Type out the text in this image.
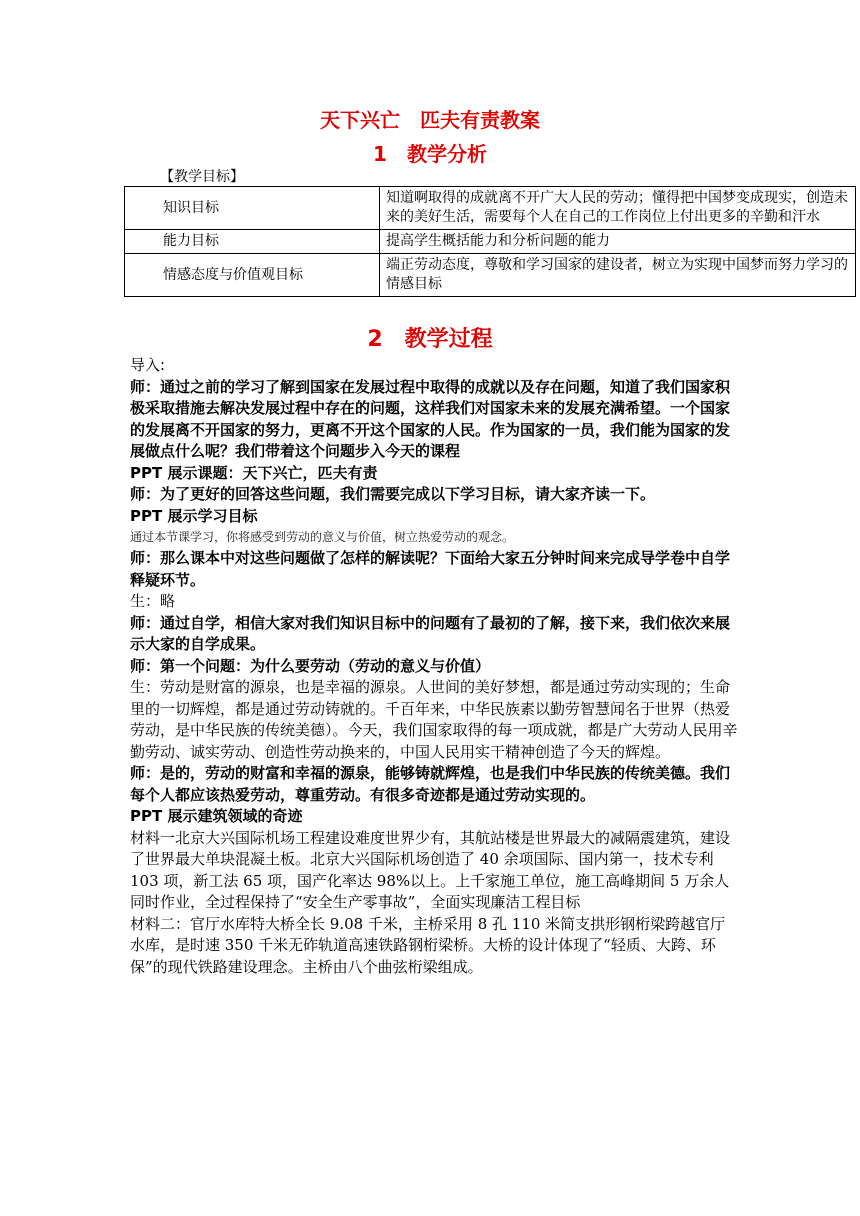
天下兴亡　匹夫有责教案
1　教学分析
【教学目标】
知识目标	知道啊取得的成就离不开广大人民的劳动；懂得把中国梦变成现实，创造未来的美好生活，需要每个人在自己的工作岗位上付出更多的辛勤和汗水
能力目标	提高学生概括能力和分析问题的能力
情感态度与价值观目标	端正劳动态度，尊敬和学习国家的建设者，树立为实现中国梦而努力学习的情感目标
2　教学过程

导入:

师：通过之前的学习了解到国家在发展过程中取得的成就以及存在问题，知道了我们国家积极采取措施去解决发展过程中存在的问题，这样我们对国家未来的发展充满希望。一个国家的发展离不开国家的努力，更离不开这个国家的人民。作为国家的一员，我们能为国家的发展做点什么呢？我们带着这个问题步入今天的课程

PPT 展示课题：天下兴亡，匹夫有责

师：为了更好的回答这些问题，我们需要完成以下学习目标，请大家齐读一下。

PPT 展示学习目标

通过本节课学习，你将感受到劳动的意义与价值，树立热爱劳动的观念。

师：那么课本中对这些问题做了怎样的解读呢？下面给大家五分钟时间来完成导学卷中自学释疑环节。

生：略

师：通过自学，相信大家对我们知识目标中的问题有了最初的了解，接下来，我们依次来展示大家的自学成果。

师：第一个问题：为什么要劳动（劳动的意义与价值）

生：劳动是财富的源泉，也是幸福的源泉。人世间的美好梦想，都是通过劳动实现的；生命里的一切辉煌，都是通过劳动铸就的。千百年来，中华民族素以勤劳智慧闻名于世界（热爱劳动，是中华民族的传统美德）。今天，我们国家取得的每一项成就，都是广大劳动人民用辛勤劳动、诚实劳动、创造性劳动换来的，中国人民用实干精神创造了今天的辉煌。

师：是的，劳动的财富和幸福的源泉，能够铸就辉煌，也是我们中华民族的传统美德。我们每个人都应该热爱劳动，尊重劳动。有很多奇迹都是通过劳动实现的。

PPT 展示建筑领域的奇迹

材料一北京大兴国际机场工程建设难度世界少有，其航站楼是世界最大的减隔震建筑，建设了世界最大单块混凝土板。北京大兴国际机场创造了 40 余项国际、国内第一，技术专利 103 项，新工法 65 项，国产化率达 98%以上。上千家施工单位，施工高峰期间 5 万余人同时作业，全过程保持了“安全生产零事故”，全面实现廉洁工程目标

材料二：官厅水库特大桥全长 9.08 千米，主桥采用 8 孔 110 米简支拱形钢桁梁跨越官厅水库，是时速 350 千米无砟轨道高速铁路钢桁梁桥。大桥的设计体现了“轻质、大跨、环保”的现代铁路建设理念。主桥由八个曲弦桁梁组成。
